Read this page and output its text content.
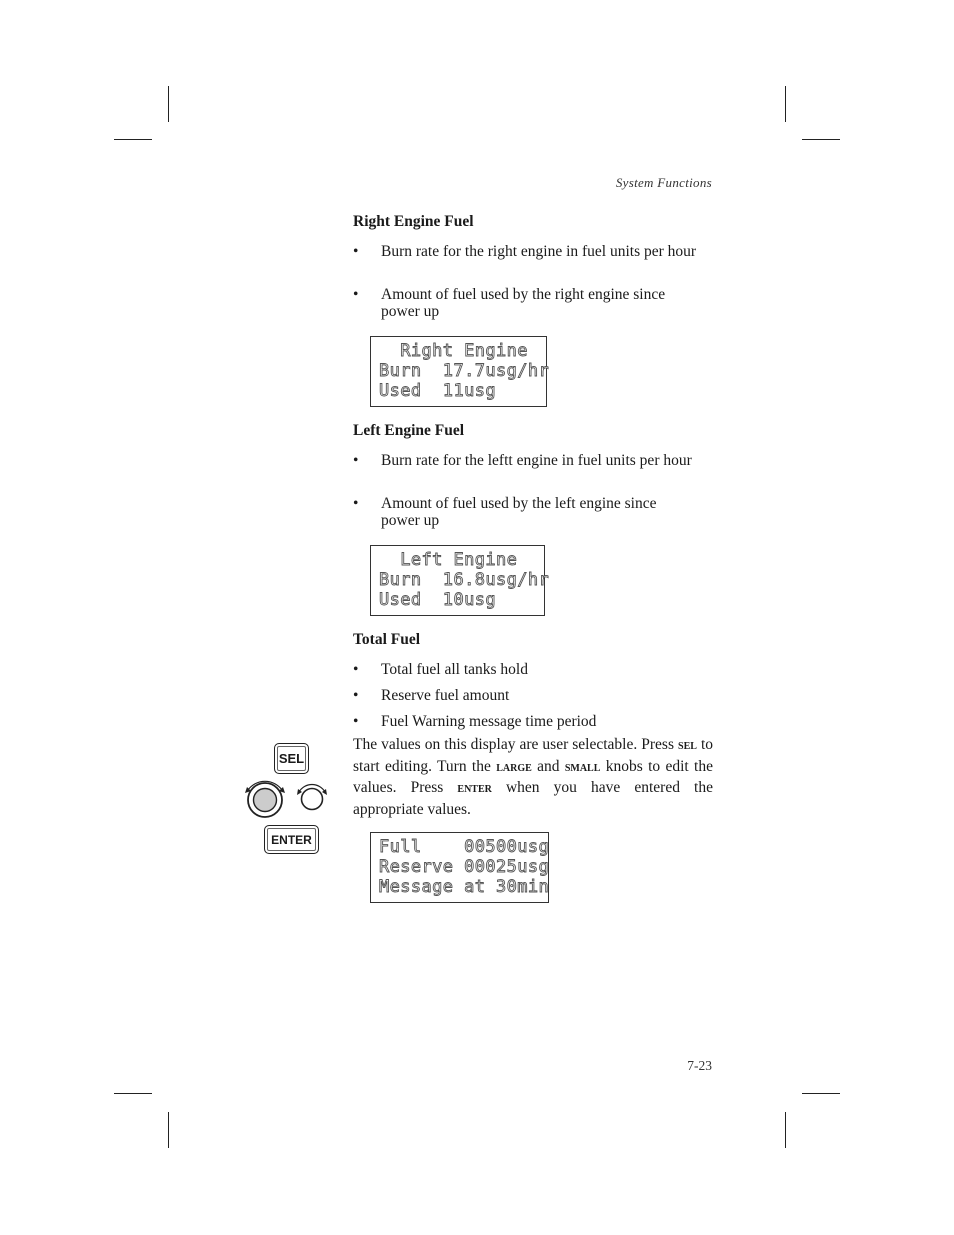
System Functions
Right Engine Fuel
• Burn rate for the right engine in fuel units per hour
• Amount of fuel used by the right engine since power up
Right Engine
Burn  17.7usg/hr
Used  11usg
Left Engine Fuel
• Burn rate for the leftt engine in fuel units per hour
• Amount of fuel used by the left engine since power up
Left Engine
Burn  16.8usg/hr
Used  10usg
Total Fuel
• Total fuel all tanks hold
• Reserve fuel amount
• Fuel Warning message time period
The values on this display are user selectable. Press sel to start editing. Turn the large and small knobs to edit the values. Press enter when you have entered the appropriate values.
SEL
ENTER	Full    00500usg
Reserve 00025usg
Message at 30min
7-23
